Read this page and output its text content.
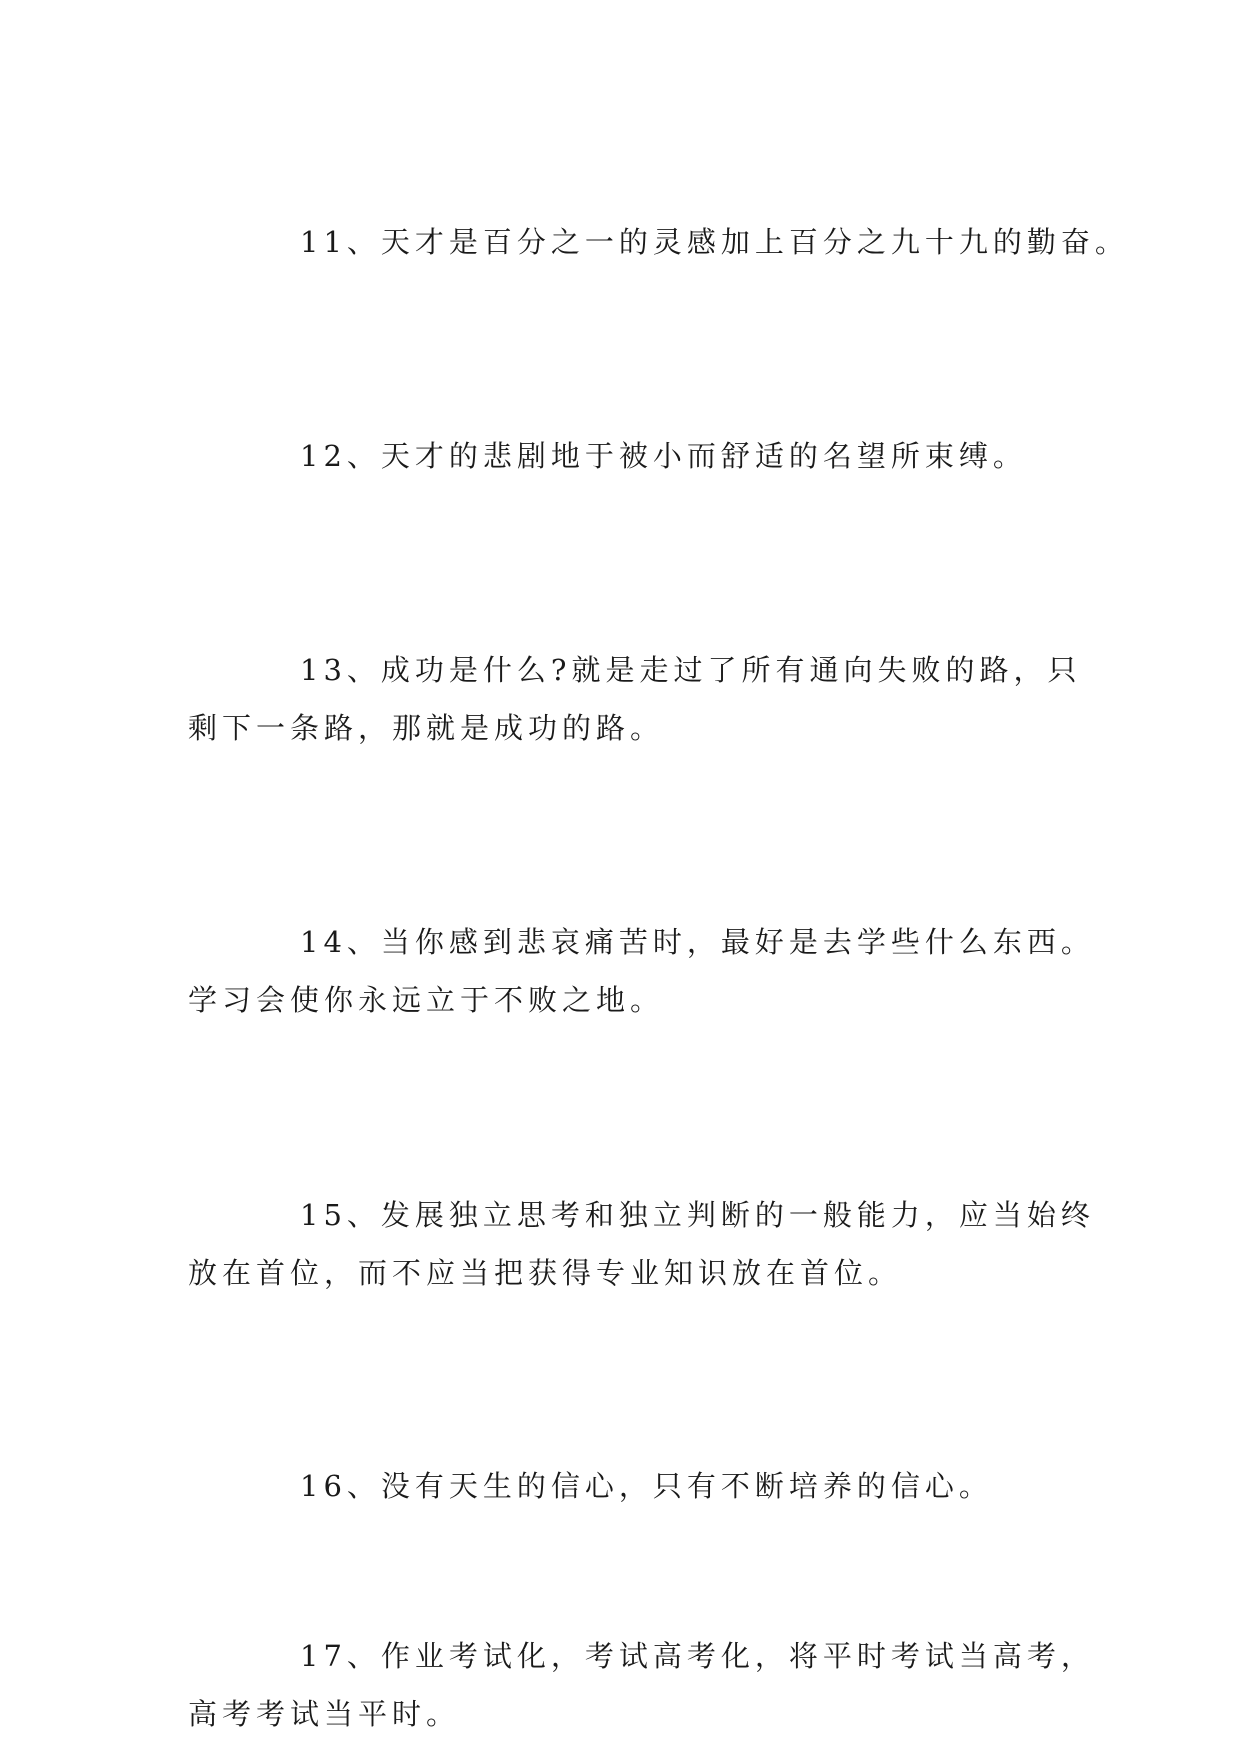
11、天才是百分之一的灵感加上百分之九十九的勤奋。
12、天才的悲剧地于被小而舒适的名望所束缚。
13、成功是什么?就是走过了所有通向失败的路，只
剩下一条路，那就是成功的路。
14、当你感到悲哀痛苦时，最好是去学些什么东西。
学习会使你永远立于不败之地。
15、发展独立思考和独立判断的一般能力，应当始终
放在首位，而不应当把获得专业知识放在首位。
16、没有天生的信心，只有不断培养的信心。
17、作业考试化，考试高考化，将平时考试当高考，
高考考试当平时。
